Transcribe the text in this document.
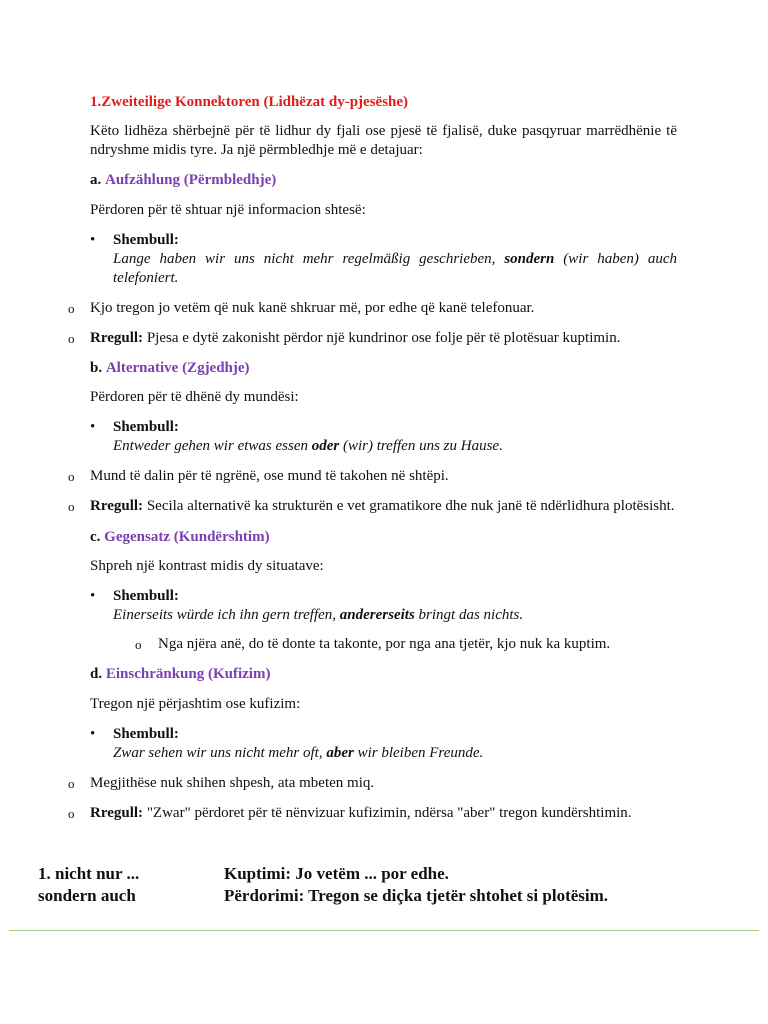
1.Zweiteilige Konnektoren (Lidhëzat dy-pjesëshe)
Këto lidhëza shërbejnë për të lidhur dy fjali ose pjesë të fjalisë, duke pasqyruar marrëdhënie të ndryshme midis tyre. Ja një përmbledhje më e detajuar:
a. Aufzählung (Përmbledhje)
Përdoren për të shtuar një informacion shtesë:
• Shembull:
Lange haben wir uns nicht mehr regelmäßig geschrieben, sondern (wir haben) auch telefoniert.
o Kjo tregon jo vetëm që nuk kanë shkruar më, por edhe që kanë telefonuar.
o Rregull: Pjesa e dytë zakonisht përdor një kundrinor ose folje për të plotësuar kuptimin.
b. Alternative (Zgjedhje)
Përdoren për të dhënë dy mundësi:
• Shembull:
Entweder gehen wir etwas essen oder (wir) treffen uns zu Hause.
o Mund të dalin për të ngrënë, ose mund të takohen në shtëpi.
o Rregull: Secila alternativë ka strukturën e vet gramatikore dhe nuk janë të ndërlidhura plotësisht.
c. Gegensatz (Kundërshtim)
Shpreh një kontrast midis dy situatave:
• Shembull:
Einerseits würde ich ihn gern treffen, andererseits bringt das nichts.
o Nga njëra anë, do të donte ta takonte, por nga ana tjetër, kjo nuk ka kuptim.
d. Einschränkung (Kufizim)
Tregon një përjashtim ose kufizim:
• Shembull:
Zwar sehen wir uns nicht mehr oft, aber wir bleiben Freunde.
o Megjithëse nuk shihen shpesh, ata mbeten miq.
o Rregull: "Zwar" përdoret për të nënvizuar kufizimin, ndërsa "aber" tregon kundërshtimin.
1. nicht nur ...
sondern auch
Kuptimi: Jo vetëm ... por edhe.
Përdorimi: Tregon se diçka tjetër shtohet si plotësim.
